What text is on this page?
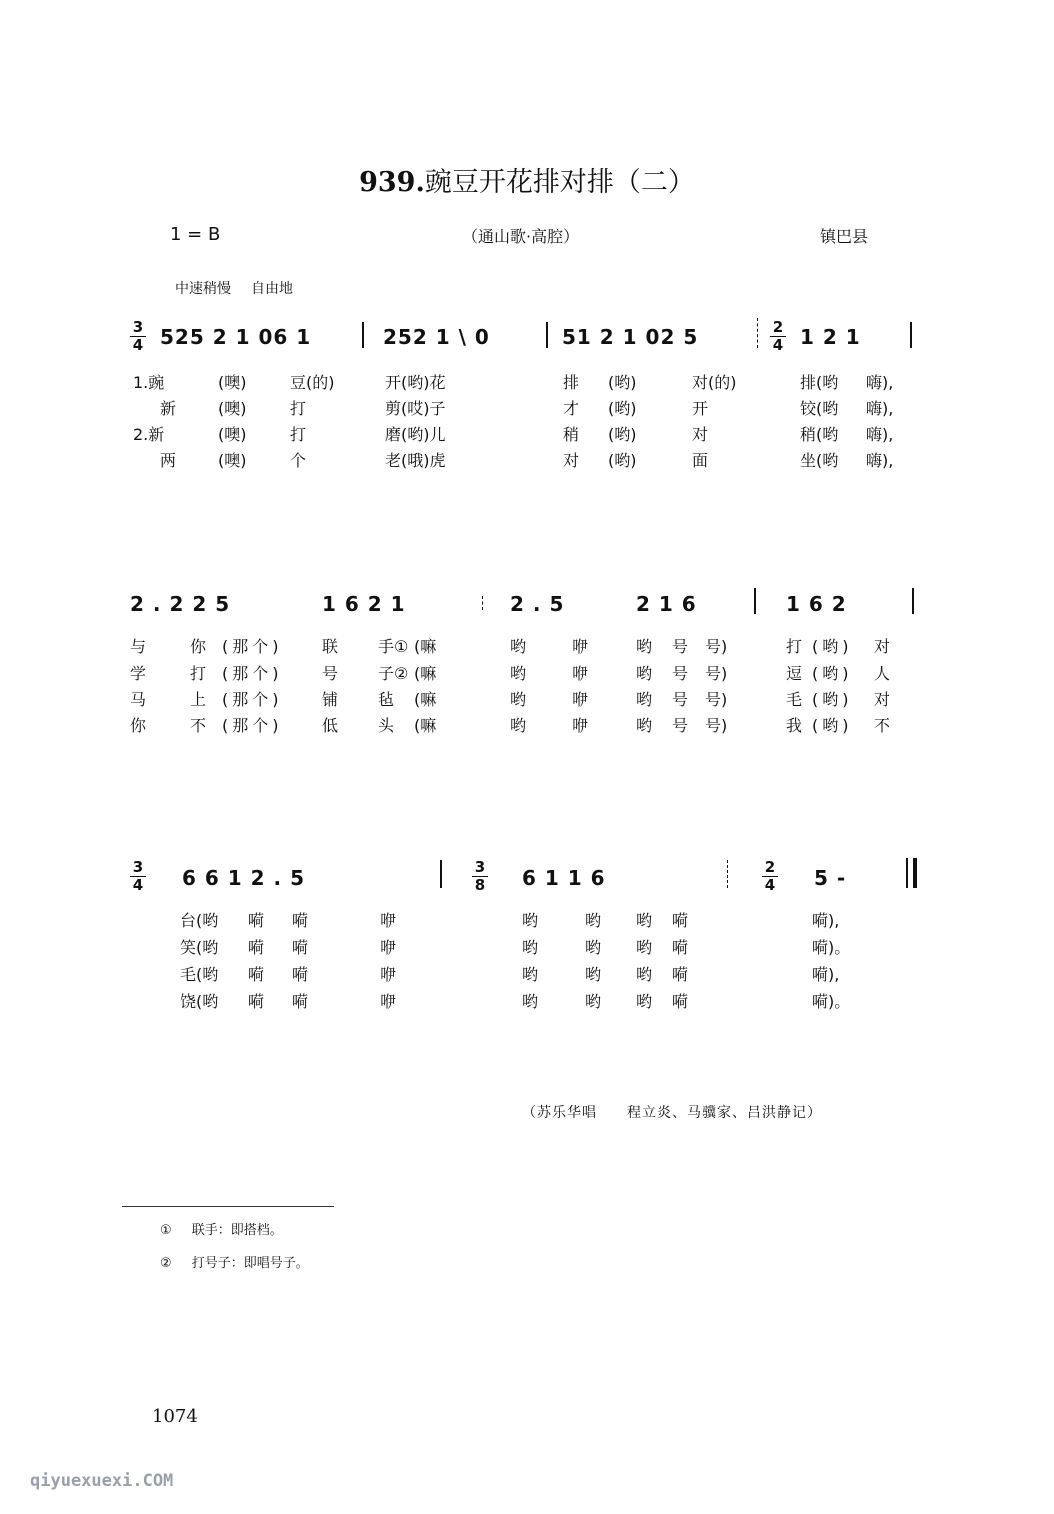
939.豌豆开花排对排（二）
1 = B	（通山歌·高腔）	镇巴县
中速稍慢 自由地
3
4 525 2 1 06 1	252 1 \ 0	51 2 1 02 5	2
4 1 2 1
1.豌	(噢)	豆(的)	开(哟)花	排 (哟)	对(的)	排(哟 嗨),
新	(噢)	打	剪(哎)子	才 (哟)	开	铰(哟 嗨),
2.新	(噢)	打	磨(哟)儿	稍 (哟)	对	稍(哟 嗨),
两	(噢)	个	老(哦)虎	对 (哟)	面	坐(哟 嗨),
2 . 2 2 5	1 6 2 1	2 . 5	2 1 6	1 6 2
与	你 (那个) 联 手① (嘛	哟	咿	哟 号 号)	打 (哟) 对
学	打 (那个) 号 子② (嘛	哟	咿	哟 号 号)	逗 (哟) 人
马	上 (那个) 铺 毡 (嘛	哟	咿	哟 号 号)	毛 (哟) 对
你	不 (那个) 低 头 (嘛	哟	咿	哟 号 号)	我 (哟) 不
3
4 6 6 1 2 . 5	3
8 6 1 1 6	2
4 5 -
台(哟 嗬 嗬	咿	哟	哟 哟 嗬	嗬),
笑(哟 嗬 嗬	咿	哟	哟 哟 嗬	嗬)。
毛(哟 嗬 嗬	咿	哟	哟 哟 嗬	嗬),
饶(哟 嗬 嗬	咿	哟	哟 哟 嗬	嗬)。
（苏乐华唱　　程立炎、马骥家、吕洪静记）
① 联手：即搭档。
② 打号子：即唱号子。
1074
qiyuexuexi.COM
